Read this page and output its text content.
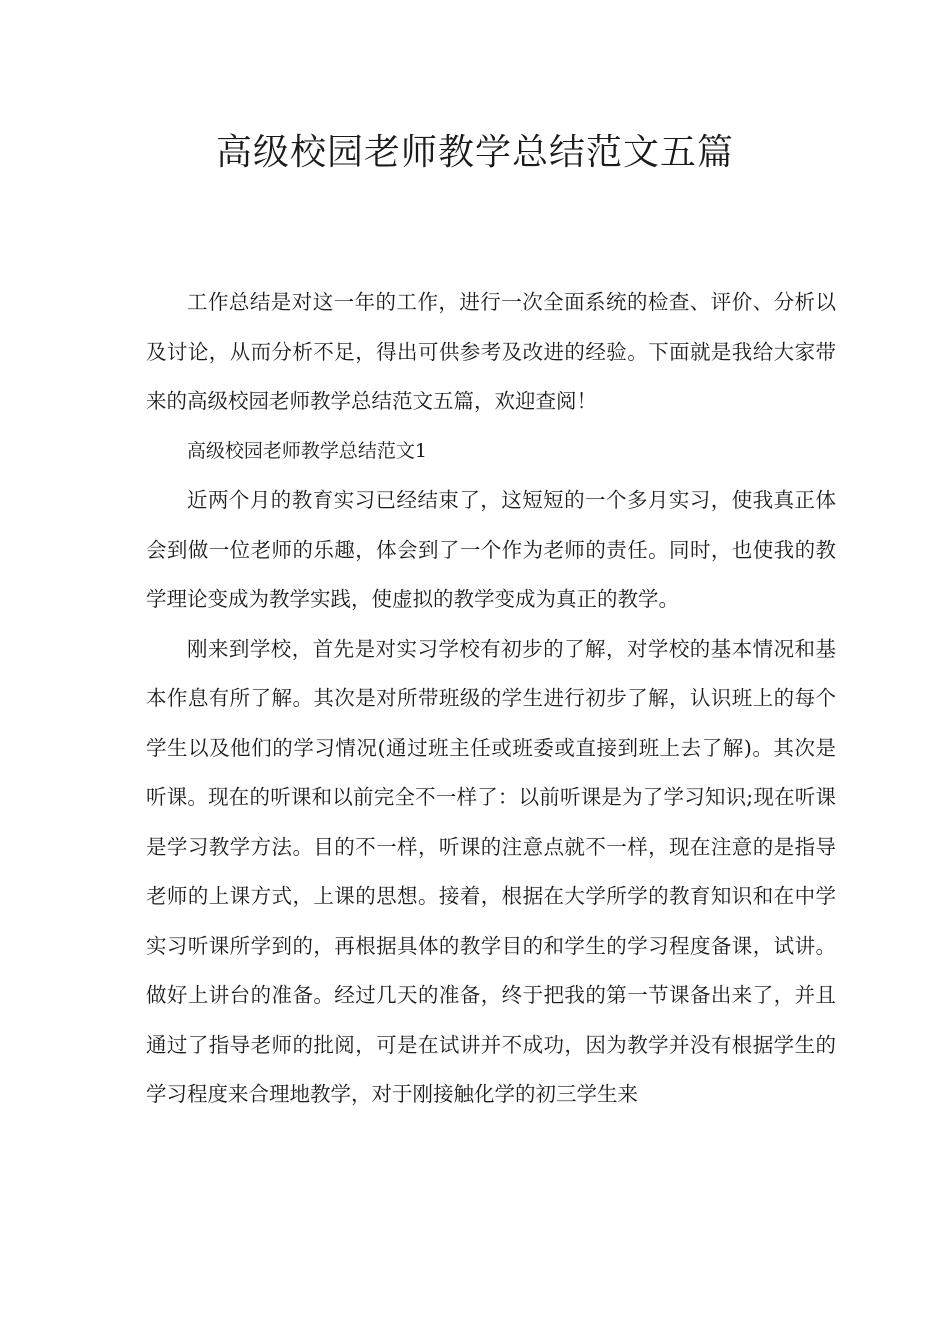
高级校园老师教学总结范文五篇

工作总结是对这一年的工作，进行一次全面系统的检查、评价、分析以及讨论，从而分析不足，得出可供参考及改进的经验。下面就是我给大家带来的高级校园老师教学总结范文五篇，欢迎查阅！

高级校园老师教学总结范文1

近两个月的教育实习已经结束了，这短短的一个多月实习，使我真正体会到做一位老师的乐趣，体会到了一个作为老师的责任。同时，也使我的教学理论变成为教学实践，使虚拟的教学变成为真正的教学。

刚来到学校，首先是对实习学校有初步的了解，对学校的基本情况和基本作息有所了解。其次是对所带班级的学生进行初步了解，认识班上的每个学生以及他们的学习情况(通过班主任或班委或直接到班上去了解)。其次是听课。现在的听课和以前完全不一样了：以前听课是为了学习知识;现在听课是学习教学方法。目的不一样，听课的注意点就不一样，现在注意的是指导老师的上课方式，上课的思想。接着，根据在大学所学的教育知识和在中学实习听课所学到的，再根据具体的教学目的和学生的学习程度备课，试讲。做好上讲台的准备。经过几天的准备，终于把我的第一节课备出来了，并且通过了指导老师的批阅，可是在试讲并不成功，因为教学并没有根据学生的学习程度来合理地教学，对于刚接触化学的初三学生来
